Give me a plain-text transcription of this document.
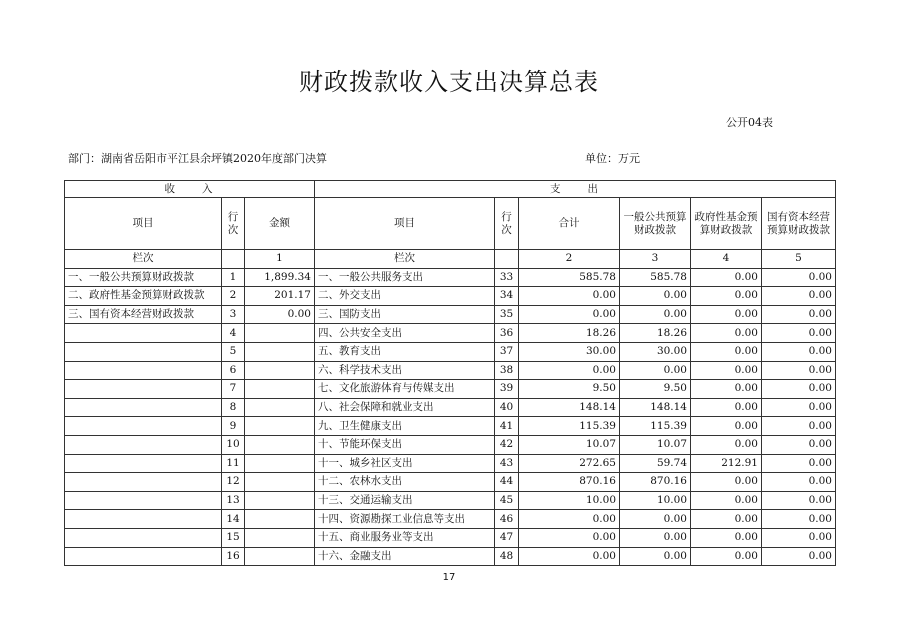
财政拨款收入支出决算总表
公开04表
部门：湖南省岳阳市平江县余坪镇2020年度部门决算	单位：万元
收　　入			支　　出					
项目	行次	金额	项目	行次	合计	一般公共预算财政拨款	政府性基金预算财政拨款	国有资本经营预算财政拨款
栏次		1	栏次		2	3	4	5
一、一般公共预算财政拨款	1	1,899.34	一、一般公共服务支出	33	585.78	585.78	0.00	0.00
二、政府性基金预算财政拨款	2	201.17	二、外交支出	34	0.00	0.00	0.00	0.00
三、国有资本经营财政拨款	3	0.00	三、国防支出	35	0.00	0.00	0.00	0.00
	4		四、公共安全支出	36	18.26	18.26	0.00	0.00
	5		五、教育支出	37	30.00	30.00	0.00	0.00
	6		六、科学技术支出	38	0.00	0.00	0.00	0.00
	7		七、文化旅游体育与传媒支出	39	9.50	9.50	0.00	0.00
	8		八、社会保障和就业支出	40	148.14	148.14	0.00	0.00
	9		九、卫生健康支出	41	115.39	115.39	0.00	0.00
	10		十、节能环保支出	42	10.07	10.07	0.00	0.00
	11		十一、城乡社区支出	43	272.65	59.74	212.91	0.00
	12		十二、农林水支出	44	870.16	870.16	0.00	0.00
	13		十三、交通运输支出	45	10.00	10.00	0.00	0.00
	14		十四、资源勘探工业信息等支出	46	0.00	0.00	0.00	0.00
	15		十五、商业服务业等支出	47	0.00	0.00	0.00	0.00
	16		十六、金融支出	48	0.00	0.00	0.00	0.00
17
